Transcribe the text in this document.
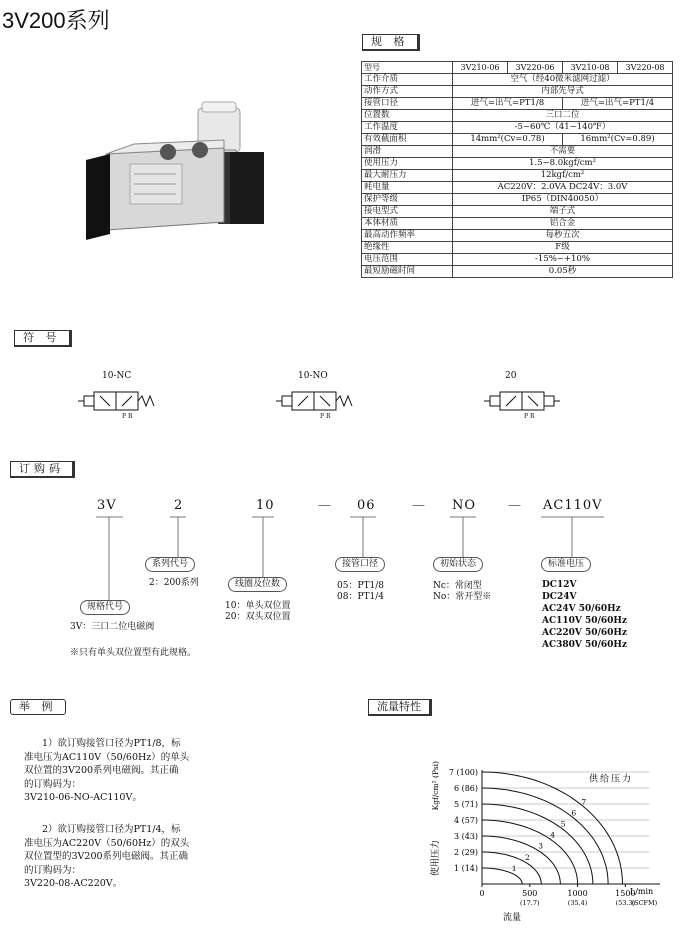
3V200系列
规 格
符 号
订购码
举 例	流量特性
型号	3V210-06	3V220-06	3V210-08	3V220-08
工作介质	空气（经40微米滤网过滤）			
动作方式	内部先导式			
接管口径	进气=出气=PT1/8		进气=出气=PT1/4	
位置数	三口二位			
工作温度	-5~60℃（41~140℉）			
有效截面积	14mm²(Cv=0.78)		16mm²(Cv=0.89)	
润滑	不需要			
使用压力	1.5~8.0kgf/cm²			
最大耐压力	12kgf/cm²			
耗电量	AC220V：2.0VA DC24V：3.0V			
保护等级	IP65（DIN40050）			
接电型式	端子式			
本体材质	铝合金			
最高动作频率	每秒五次			
绝缘性	F级			
电压范围	-15%~+10%			
最短励磁时间	0.05秒			
10-NC	10-NO	20
P R	P R	P R
3V	2	10	— 06	— NO — AC110V
系列代号
2：200系列
规格代号
3V：三口二位电磁阀
线圈及位数
10：单头双位置
20：双头双位置
接管口径
05：PT1/8
08：PT1/4
初始状态
Nc：常闭型
No：常开型※
标准电压
DC12V
DC24V
AC24V 50/60Hz
AC110V 50/60Hz
AC220V 50/60Hz
AC380V 50/60Hz
※只有单头双位置型有此规格。
1）欲订购接管口径为PT1/8，标
准电压为AC110V（50/60Hz）的单头
双位置的3V200系列电磁阀。其正确
的订购码为：
3V210-06-NO-AC110V。
2）欲订购接管口径为PT1/4，标
准电压为AC220V（50/60Hz）的双头
双位置型的3V200系列电磁阀。其正确
的订购码为：
3V220-08-AC220V。
1 (14)
2 (29)
3 (43)
4 (57)
5 (71)
6 (86)
7 (100)
0	500
(17.7)
1000
(35.4)
1500
(53.3)
L/min
(SCFM)
流量
供给压力
使用压力
Kgf/cm² (Psi)
1
2
3
4
5
6
7
